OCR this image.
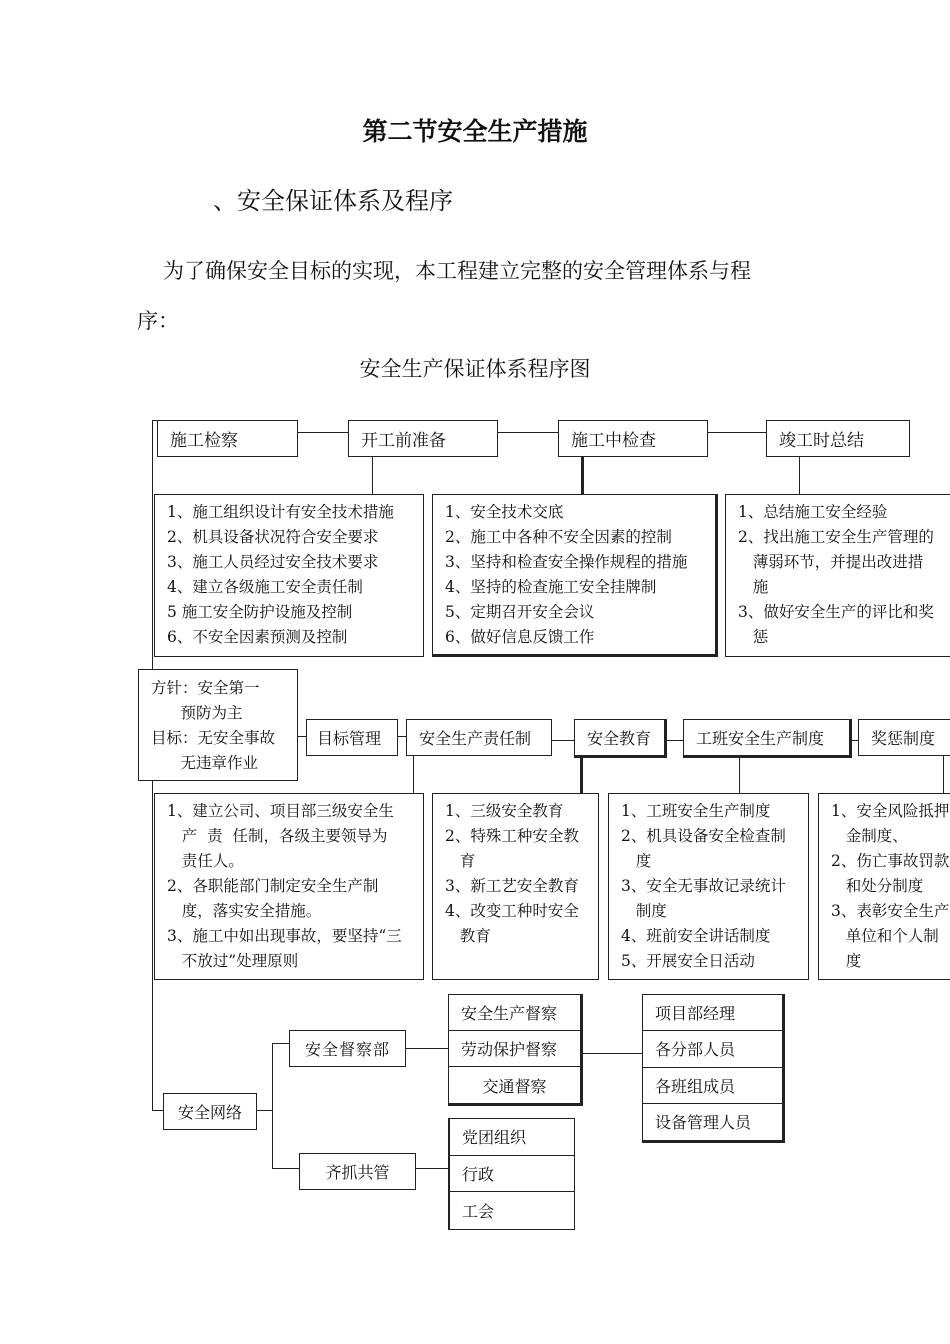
第二节安全生产措施
、安全保证体系及程序
为了确保安全目标的实现，本工程建立完整的安全管理体系与程
序：
安全生产保证体系程序图
施工检察	开工前准备	施工中检查	竣工时总结
1、施工组织设计有安全技术措施
2、机具设备状况符合安全要求
3、施工人员经过安全技术要求
4、建立各级施工安全责任制
5 施工安全防护设施及控制
6、不安全因素预测及控制
1、安全技术交底
2、施工中各种不安全因素的控制
3、坚持和检查安全操作规程的措施
4、坚持的检查施工安全挂牌制
5、定期召开安全会议
6、做好信息反馈工作
1、总结施工安全经验
2、找出施工安全生产管理的
薄弱环节，并提出改进措
施
3、做好安全生产的评比和奖
惩
方针：安全第一
预防为主
目标：无安全事故
无违章作业
目标管理 安全生产责任制	安全教育	工班安全生产制度	奖惩制度
1、建立公司、项目部三级安全生
产  责  任制，各级主要领导为
责任人。
2、各职能部门制定安全生产制
度，落实安全措施。
3、施工中如出现事故，要坚持“三
不放过”处理原则
1、三级安全教育
2、特殊工种安全教
育
3、新工艺安全教育
4、改变工种时安全
教育
1、工班安全生产制度
2、机具设备安全检查制
度
3、安全无事故记录统计
制度
4、班前安全讲话制度
5、开展安全日活动
1、安全风险抵押
金制度、
2、伤亡事故罚款
和处分制度
3、表彰安全生产
单位和个人制
度
安全网络
安全督察部
齐抓共管
安全生产督察
劳动保护督察
交通督察
项目部经理
各分部人员
各班组成员
设备管理人员
党团组织
行政
工会
